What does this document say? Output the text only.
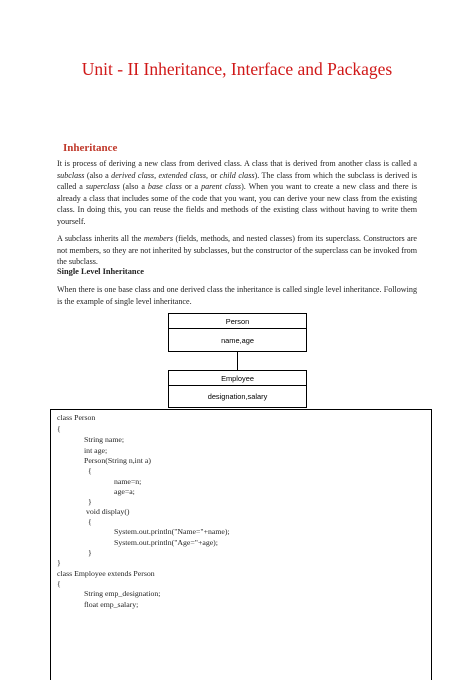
Unit - II Inheritance, Interface and Packages
Inheritance
It is process of deriving a new class from derived class. A class that is derived from another class is called a subclass (also a derived class, extended class, or child class). The class from which the subclass is derived is called a superclass (also a base class or a parent class). When you want to create a new class and there is already a class that includes some of the code that you want, you can derive your new class from the existing class. In doing this, you can reuse the fields and methods of the existing class without having to write them yourself.
A subclass inherits all the members (fields, methods, and nested classes) from its superclass. Constructors are not members, so they are not inherited by subclasses, but the constructor of the superclass can be invoked from the subclass.
Single Level Inheritance
When there is one base class and one derived class the inheritance is called single level inheritance. Following is the example of single level inheritance.
Person
name,age
Employee
designation,salary
class Person
{
String name;
int age;
Person(String n,int a)
{
name=n;
age=a;
}
void display()
{
System.out.println("Name="+name);
System.out.println("Age="+age);
}
}
class Employee extends Person
{
String emp_designation;
float emp_salary;
